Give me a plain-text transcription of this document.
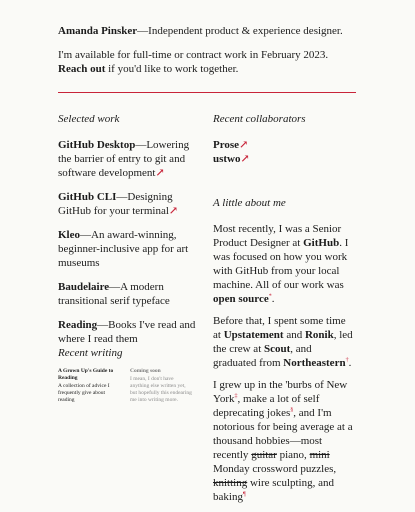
Amanda Pinsker—Independent product & experience designer.

I'm available for full-time or contract work in February 2023. Reach out if you'd like to work together.

Selected work
GitHub Desktop—Lowering the barrier of entry to git and software development↗
GitHub CLI—Designing GitHub for your terminal↗
Kleo—An award-winning, beginner-inclusive app for art museums
Baudelaire—A modern transitional serif typeface
Reading—Books I've read and where I read them
Recent collaborators
Prose↗
ustwo↗
A little about me

Most recently, I was a Senior Product Designer at GitHub. I was focused on how you work with GitHub from your local machine. All of our work was open source*.

Before that, I spent some time at Upstatement and Ronik, led the crew at Scout, and graduated from Northeastern†.

I grew up in the 'burbs of New York‡, make a lot of self deprecating jokes§, and I'm notorious for being average at a thousand hobbies—most recently guitar piano, mini Monday crossword puzzles, knitting wire sculpting, and baking¶

Recent writing
A Grown Up's Guide to Reading
A collection of advice I frequently give about reading
Coming soon
I mean, I don't have anything else written yet, but hopefully this endearing me into writing more.
